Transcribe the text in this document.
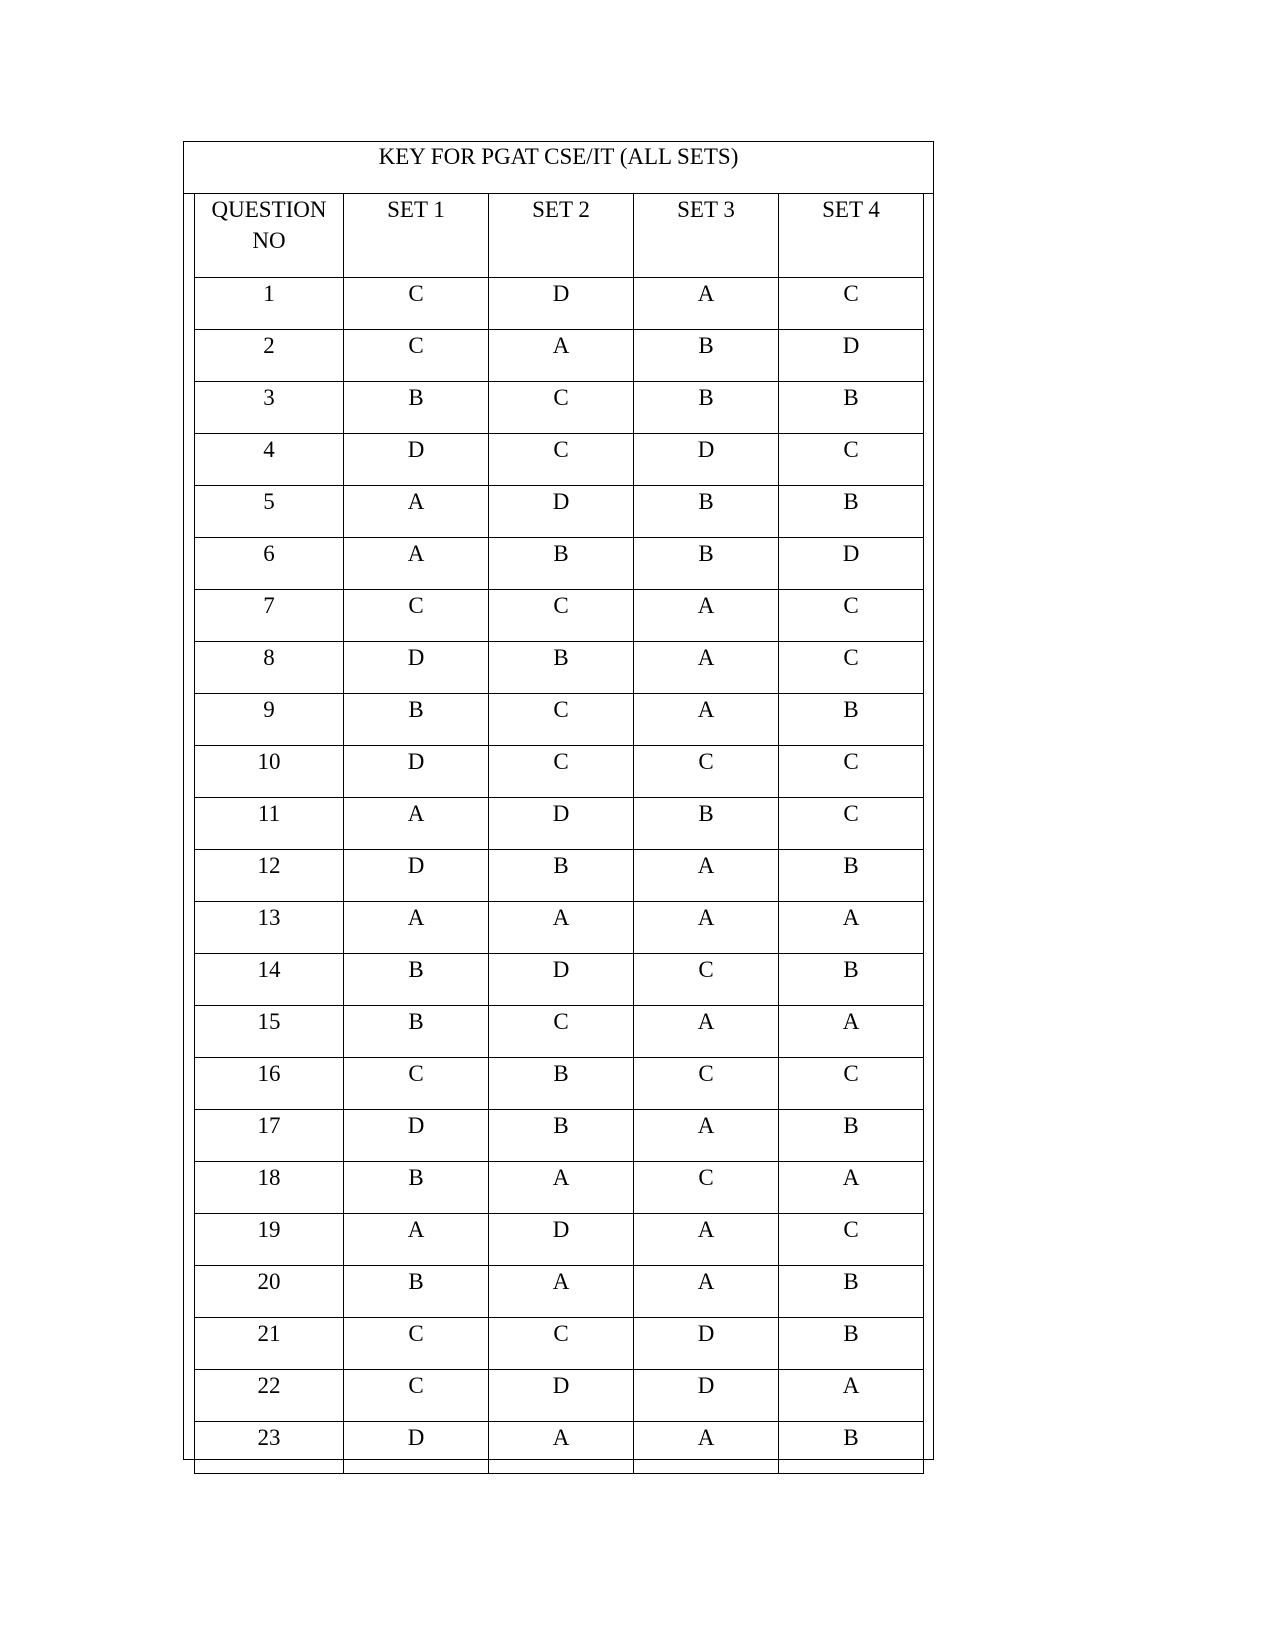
KEY FOR PGAT CSE/IT (ALL SETS)
QUESTION NO	SET 1	SET 2	SET 3	SET 4
1	C	D	A	C
2	C	A	B	D
3	B	C	B	B
4	D	C	D	C
5	A	D	B	B
6	A	B	B	D
7	C	C	A	C
8	D	B	A	C
9	B	C	A	B
10	D	C	C	C
11	A	D	B	C
12	D	B	A	B
13	A	A	A	A
14	B	D	C	B
15	B	C	A	A
16	C	B	C	C
17	D	B	A	B
18	B	A	C	A
19	A	D	A	C
20	B	A	A	B
21	C	C	D	B
22	C	D	D	A
23	D	A	A	B
